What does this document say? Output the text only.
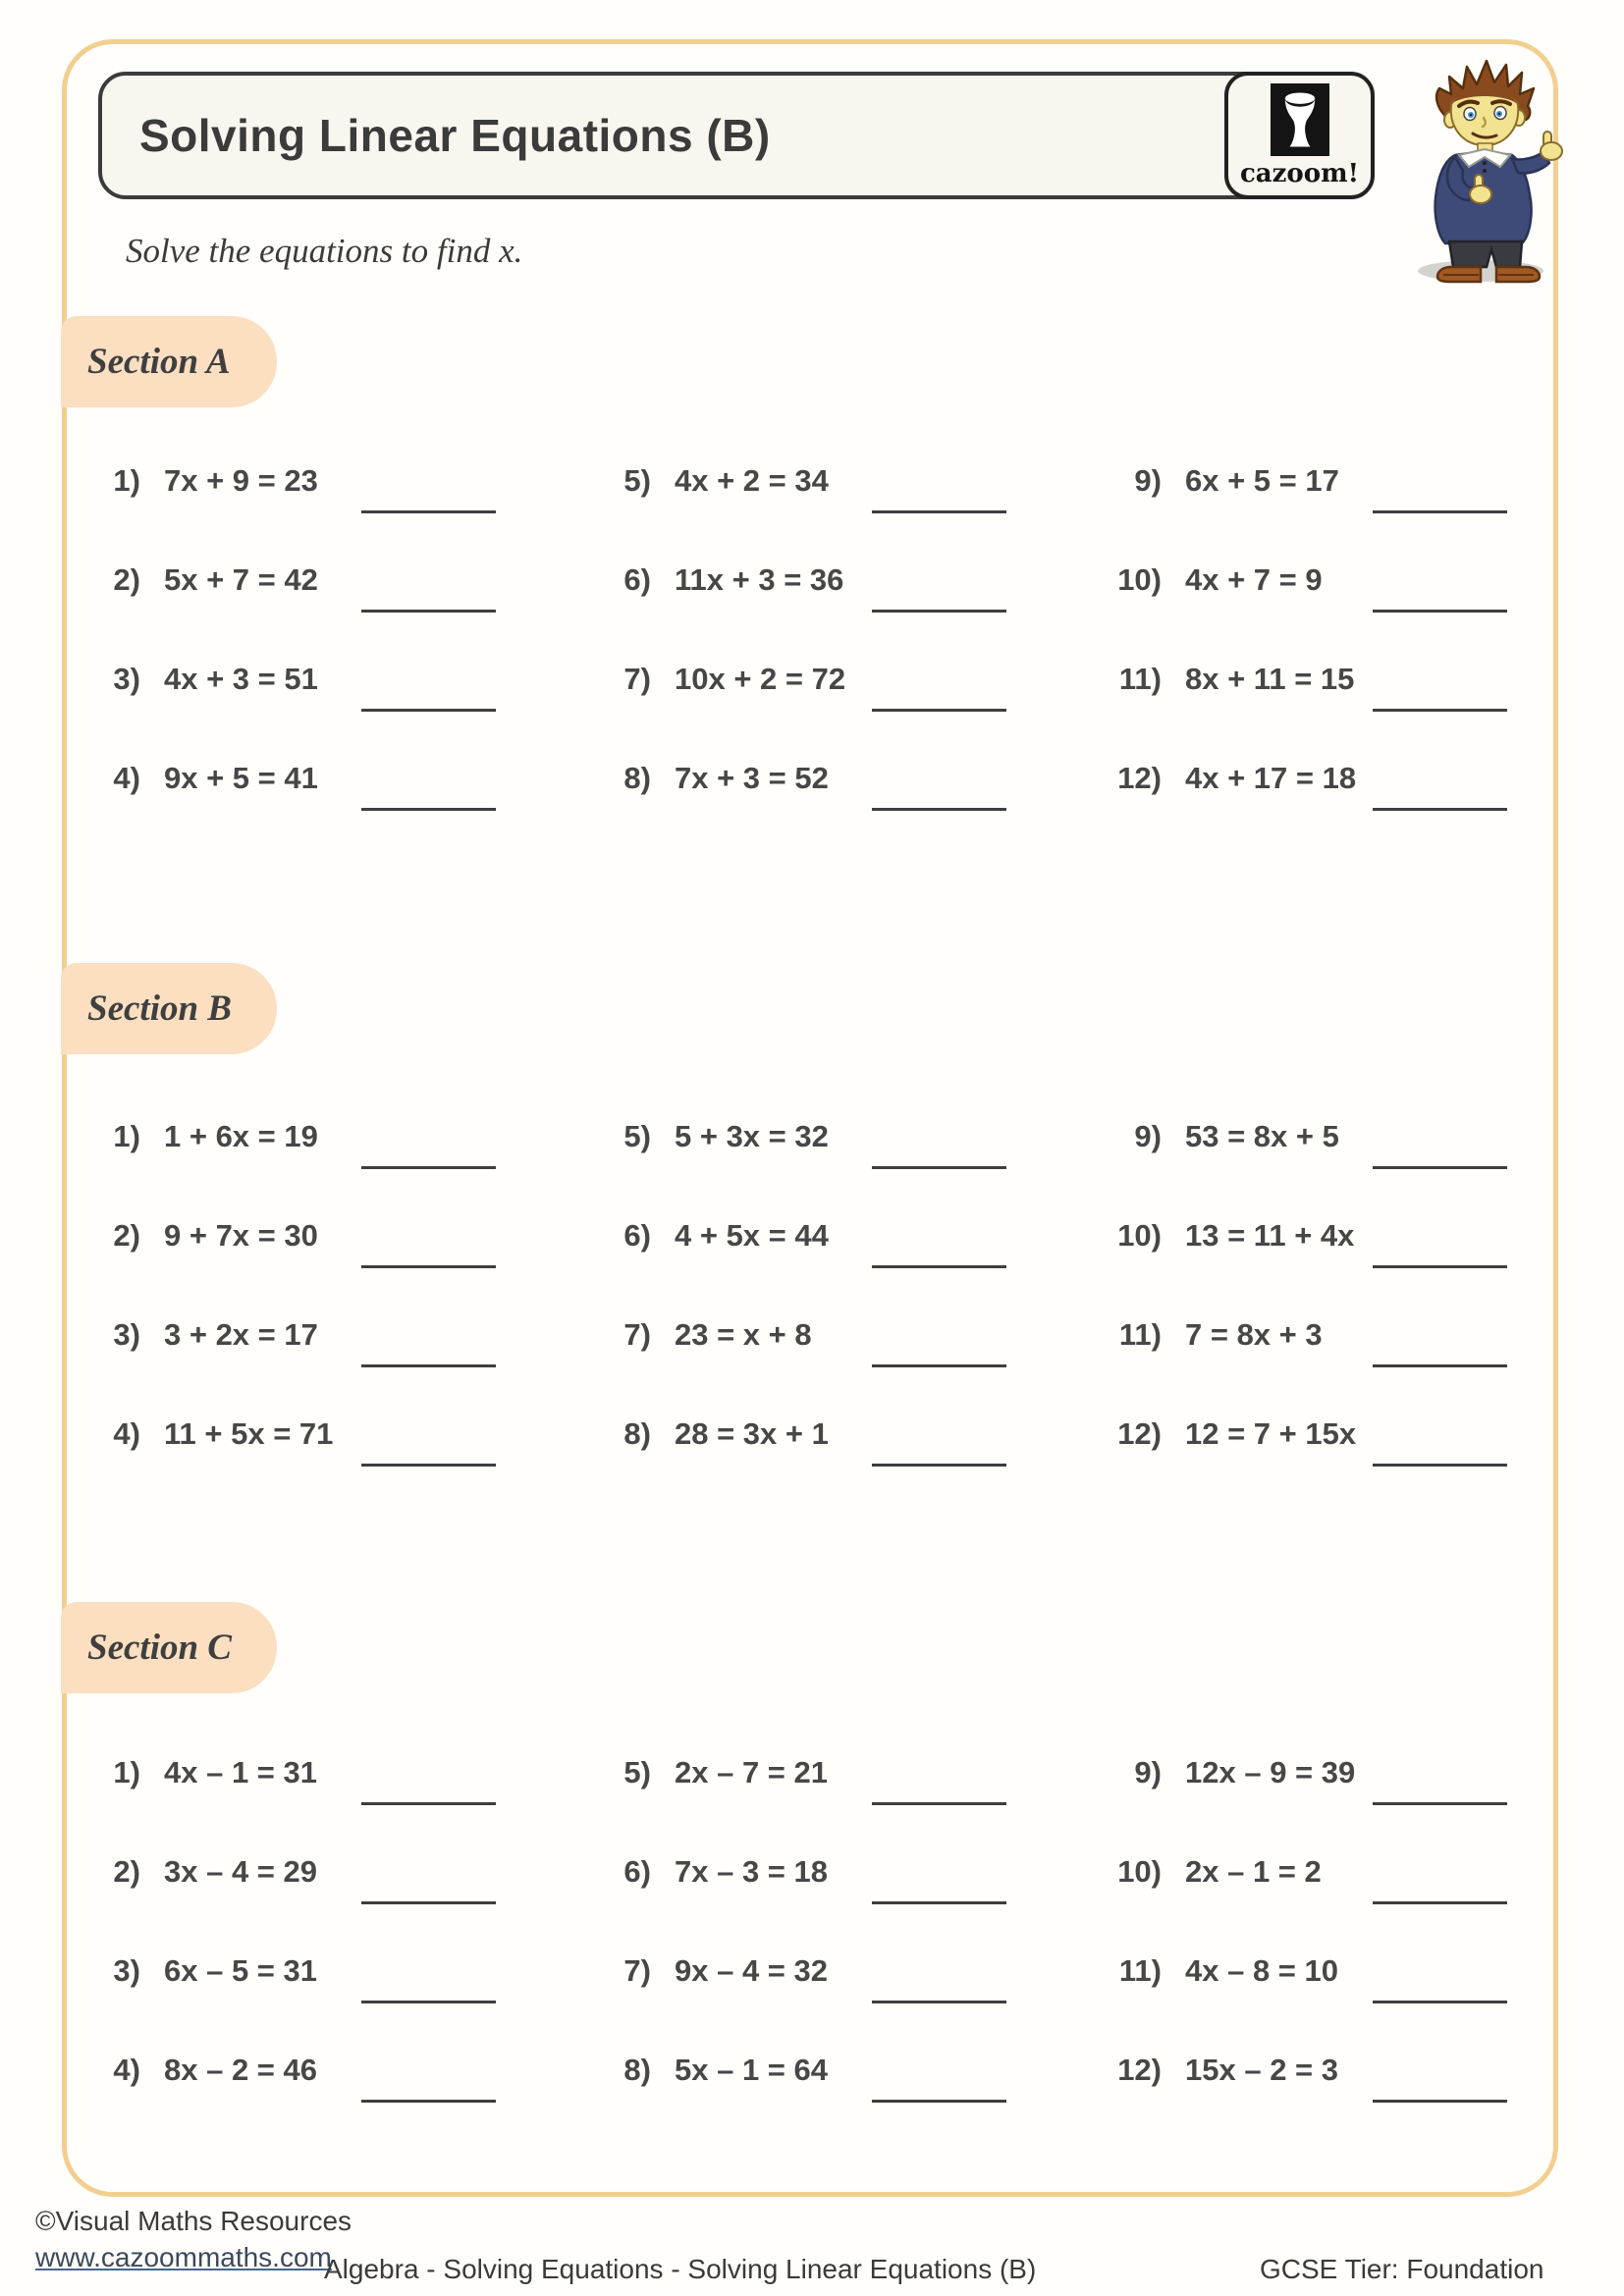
Solving Linear Equations (B)
cazoom!
Solve the equations to find x.
Section A
1) 7x + 9 = 23
2) 5x + 7 = 42
3) 4x + 3 = 51
4) 9x + 5 = 41
5) 4x + 2 = 34
6) 11x + 3 = 36
7) 10x + 2 = 72
8) 7x + 3 = 52
9) 6x + 5 = 17
10) 4x + 7 = 9
11) 8x + 11 = 15
12) 4x + 17 = 18
Section B
1) 1 + 6x = 19
2) 9 + 7x = 30
3) 3 + 2x = 17
4) 11 + 5x = 71
5) 5 + 3x = 32
6) 4 + 5x = 44
7) 23 = x + 8
8) 28 = 3x + 1
9) 53 = 8x + 5
10) 13 = 11 + 4x
11) 7 = 8x + 3
12) 12 = 7 + 15x
Section C
1) 4x – 1 = 31
2) 3x – 4 = 29
3) 6x – 5 = 31
4) 8x – 2 = 46
5) 2x – 7 = 21
6) 7x – 3 = 18
7) 9x – 4 = 32
8) 5x – 1 = 64
9) 12x – 9 = 39
10) 2x – 1 = 2
11) 4x – 8 = 10
12) 15x – 2 = 3
©Visual Maths Resources
www.cazoommaths.com
Algebra - Solving Equations - Solving Linear Equations (B)	GCSE Tier: Foundation
